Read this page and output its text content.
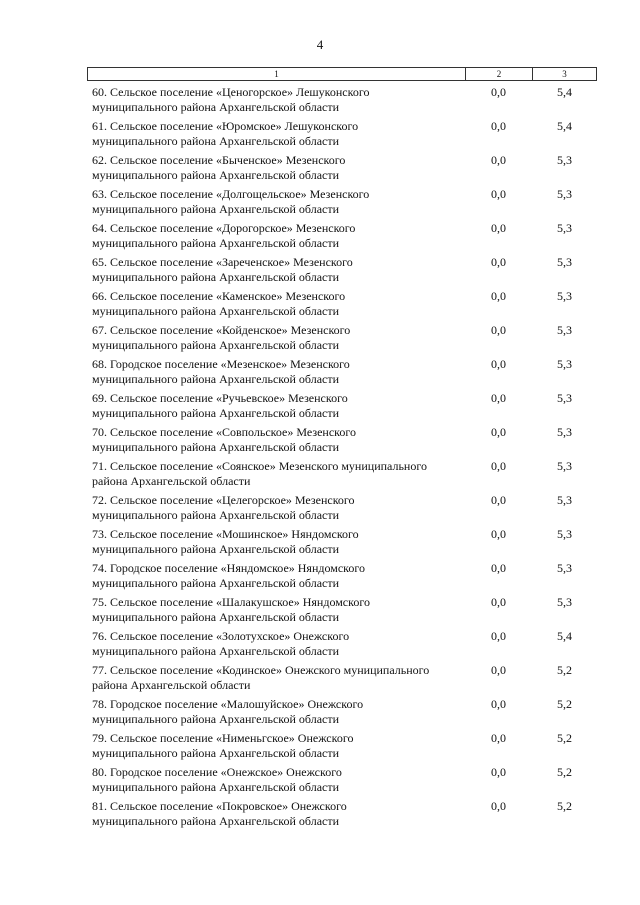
4
1	2	3
60. Сельское поселение «Ценогорское» Лешуконского
муниципального района Архангельской области
0,0	5,4
61. Сельское поселение «Юромское» Лешуконского
муниципального района Архангельской области
0,0	5,4
62. Сельское поселение «Быченское» Мезенского
муниципального района Архангельской области
0,0	5,3
63. Сельское поселение «Долгощельское» Мезенского
муниципального района Архангельской области
0,0	5,3
64. Сельское поселение «Дорогорское» Мезенского
муниципального района Архангельской области
0,0	5,3
65. Сельское поселение «Зареченское» Мезенского
муниципального района Архангельской области
0,0	5,3
66. Сельское поселение «Каменское» Мезенского
муниципального района Архангельской области
0,0	5,3
67. Сельское поселение «Койденское» Мезенского
муниципального района Архангельской области
0,0	5,3
68. Городское поселение «Мезенское» Мезенского
муниципального района Архангельской области
0,0	5,3
69. Сельское поселение «Ручьевское» Мезенского
муниципального района Архангельской области
0,0	5,3
70. Сельское поселение «Совпольское» Мезенского
муниципального района Архангельской области
0,0	5,3
71. Сельское поселение «Соянское» Мезенского муниципального
района Архангельской области
0,0	5,3
72. Сельское поселение «Целегорское» Мезенского
муниципального района Архангельской области
0,0	5,3
73. Сельское поселение «Мошинское» Няндомского
муниципального района Архангельской области
0,0	5,3
74. Городское поселение «Няндомское» Няндомского
муниципального района Архангельской области
0,0	5,3
75. Сельское поселение «Шалакушское» Няндомского
муниципального района Архангельской области
0,0	5,3
76. Сельское поселение «Золотухское» Онежского
муниципального района Архангельской области
0,0	5,4
77. Сельское поселение «Кодинское» Онежского муниципального
района Архангельской области
0,0	5,2
78. Городское поселение «Малошуйское» Онежского
муниципального района Архангельской области
0,0	5,2
79. Сельское поселение «Нименьгское» Онежского
муниципального района Архангельской области
0,0	5,2
80. Городское поселение «Онежское» Онежского
муниципального района Архангельской области
0,0	5,2
81. Сельское поселение «Покровское» Онежского
муниципального района Архангельской области
0,0	5,2
